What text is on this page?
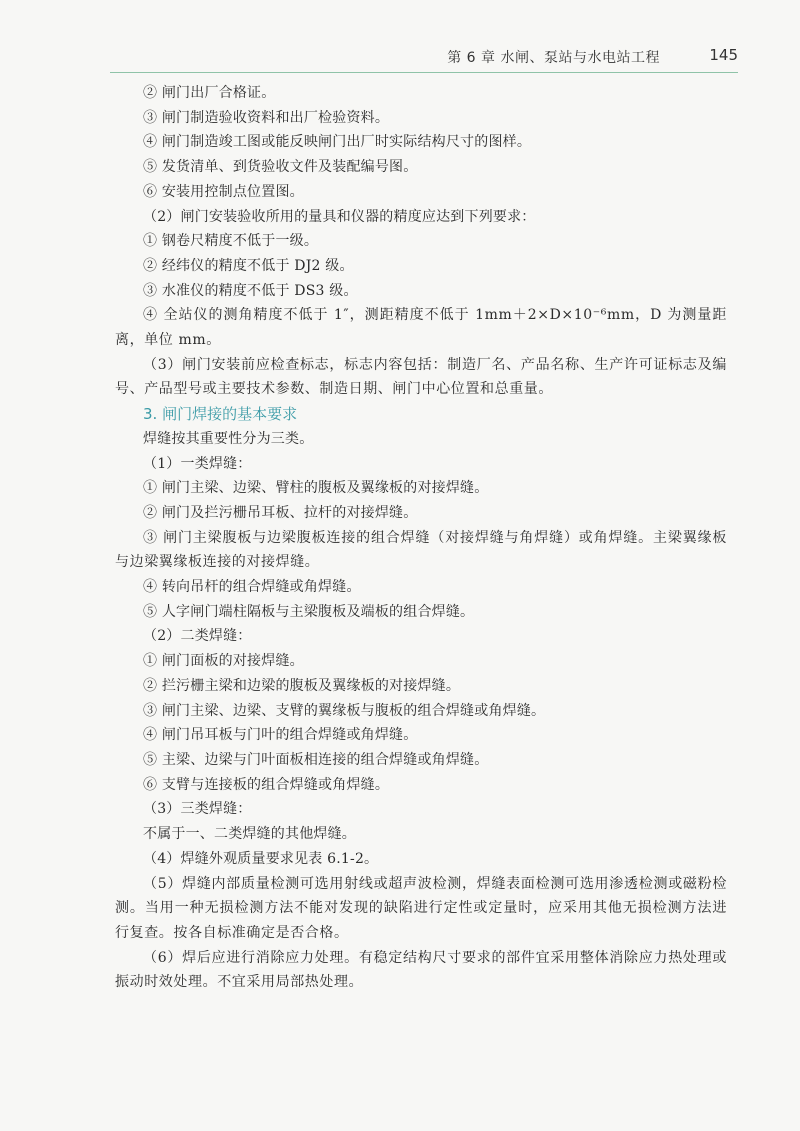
第 6 章 水闸、泵站与水电站工程	145
② 闸门出厂合格证。
③ 闸门制造验收资料和出厂检验资料。
④ 闸门制造竣工图或能反映闸门出厂时实际结构尺寸的图样。
⑤ 发货清单、到货验收文件及装配编号图。
⑥ 安装用控制点位置图。
（2）闸门安装验收所用的量具和仪器的精度应达到下列要求：
① 钢卷尺精度不低于一级。
② 经纬仪的精度不低于 DJ2 级。
③ 水准仪的精度不低于 DS3 级。
④ 全站仪的测角精度不低于 1″，测距精度不低于 1mm＋2×D×10⁻⁶mm，D 为测量距离，单位 mm。
（3）闸门安装前应检查标志，标志内容包括：制造厂名、产品名称、生产许可证标志及编号、产品型号或主要技术参数、制造日期、闸门中心位置和总重量。
3. 闸门焊接的基本要求
焊缝按其重要性分为三类。
（1）一类焊缝：
① 闸门主梁、边梁、臂柱的腹板及翼缘板的对接焊缝。
② 闸门及拦污栅吊耳板、拉杆的对接焊缝。
③ 闸门主梁腹板与边梁腹板连接的组合焊缝（对接焊缝与角焊缝）或角焊缝。主梁翼缘板与边梁翼缘板连接的对接焊缝。
④ 转向吊杆的组合焊缝或角焊缝。
⑤ 人字闸门端柱隔板与主梁腹板及端板的组合焊缝。
（2）二类焊缝：
① 闸门面板的对接焊缝。
② 拦污栅主梁和边梁的腹板及翼缘板的对接焊缝。
③ 闸门主梁、边梁、支臂的翼缘板与腹板的组合焊缝或角焊缝。
④ 闸门吊耳板与门叶的组合焊缝或角焊缝。
⑤ 主梁、边梁与门叶面板相连接的组合焊缝或角焊缝。
⑥ 支臂与连接板的组合焊缝或角焊缝。
（3）三类焊缝：
不属于一、二类焊缝的其他焊缝。
（4）焊缝外观质量要求见表 6.1-2。
（5）焊缝内部质量检测可选用射线或超声波检测，焊缝表面检测可选用渗透检测或磁粉检测。当用一种无损检测方法不能对发现的缺陷进行定性或定量时，应采用其他无损检测方法进行复查。按各自标准确定是否合格。
（6）焊后应进行消除应力处理。有稳定结构尺寸要求的部件宜采用整体消除应力热处理或振动时效处理。不宜采用局部热处理。
